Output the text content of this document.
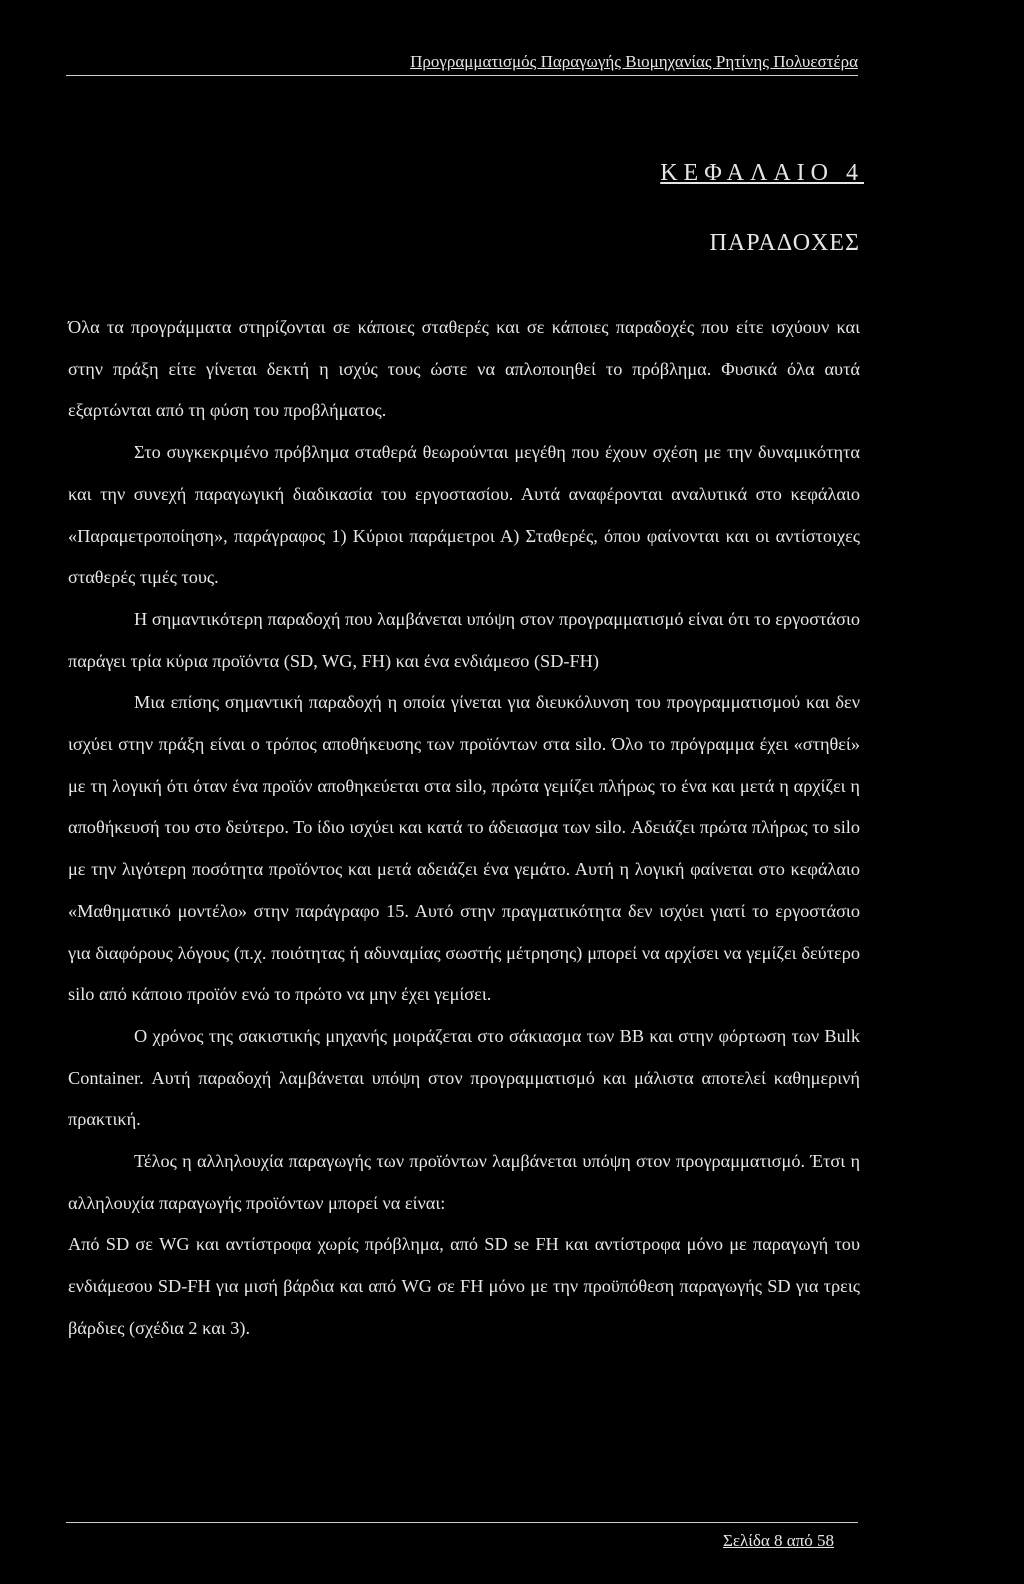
Προγραμματισμός Παραγωγής Βιομηχανίας Ρητίνης Πολυεστέρα
ΚΕΦΑΛΑΙΟ 4
ΠΑΡΑΔΟΧΕΣ

Όλα τα προγράμματα στηρίζονται σε κάποιες σταθερές και σε κάποιες παραδοχές που είτε ισχύουν και στην πράξη είτε γίνεται δεκτή η ισχύς τους ώστε να απλοποιηθεί το πρόβλημα. Φυσικά όλα αυτά εξαρτώνται από τη φύση του προβλήματος.

Στο συγκεκριμένο πρόβλημα σταθερά θεωρούνται μεγέθη που έχουν σχέση με την δυναμικότητα και την συνεχή παραγωγική διαδικασία του εργοστασίου. Αυτά αναφέρονται αναλυτικά στο κεφάλαιο «Παραμετροποίηση», παράγραφος 1) Κύριοι παράμετροι Α) Σταθερές, όπου φαίνονται και οι αντίστοιχες σταθερές τιμές τους.

Η σημαντικότερη παραδοχή που λαμβάνεται υπόψη στον προγραμματισμό είναι ότι το εργοστάσιο παράγει τρία κύρια προϊόντα (SD, WG, FH) και ένα ενδιάμεσο (SD-FH)

Μια επίσης σημαντική παραδοχή η οποία γίνεται για διευκόλυνση του προγραμματισμού και δεν ισχύει στην πράξη είναι ο τρόπος αποθήκευσης των προϊόντων στα silo. Όλο το πρόγραμμα έχει «στηθεί» με τη λογική ότι όταν ένα προϊόν αποθηκεύεται στα silo, πρώτα γεμίζει πλήρως το ένα και μετά η αρχίζει η αποθήκευσή του στο δεύτερο. Το ίδιο ισχύει και κατά το άδειασμα των silo. Αδειάζει πρώτα πλήρως το silo με την λιγότερη ποσότητα προϊόντος και μετά αδειάζει ένα γεμάτο. Αυτή η λογική φαίνεται στο κεφάλαιο «Μαθηματικό μοντέλο» στην παράγραφο 15. Αυτό στην πραγματικότητα δεν ισχύει γιατί το εργοστάσιο για διαφόρους λόγους (π.χ. ποιότητας ή αδυναμίας σωστής μέτρησης) μπορεί να αρχίσει να γεμίζει δεύτερο silo από κάποιο προϊόν ενώ το πρώτο να μην έχει γεμίσει.

Ο χρόνος της σακιστικής μηχανής μοιράζεται στο σάκιασμα των BB και στην φόρτωση των Bulk Container. Αυτή παραδοχή λαμβάνεται υπόψη στον προγραμματισμό και μάλιστα αποτελεί καθημερινή πρακτική.

Τέλος η αλληλουχία παραγωγής των προϊόντων λαμβάνεται υπόψη στον προγραμματισμό. Έτσι η αλληλουχία παραγωγής προϊόντων μπορεί να είναι:

Από SD σε WG και αντίστροφα χωρίς πρόβλημα, από SD se FH και αντίστροφα μόνο με παραγωγή του ενδιάμεσου SD-FH για μισή βάρδια και από WG σε FH μόνο με την προϋπόθεση παραγωγής SD για τρεις βάρδιες (σχέδια 2 και 3).

Σελίδα 8 από 58
